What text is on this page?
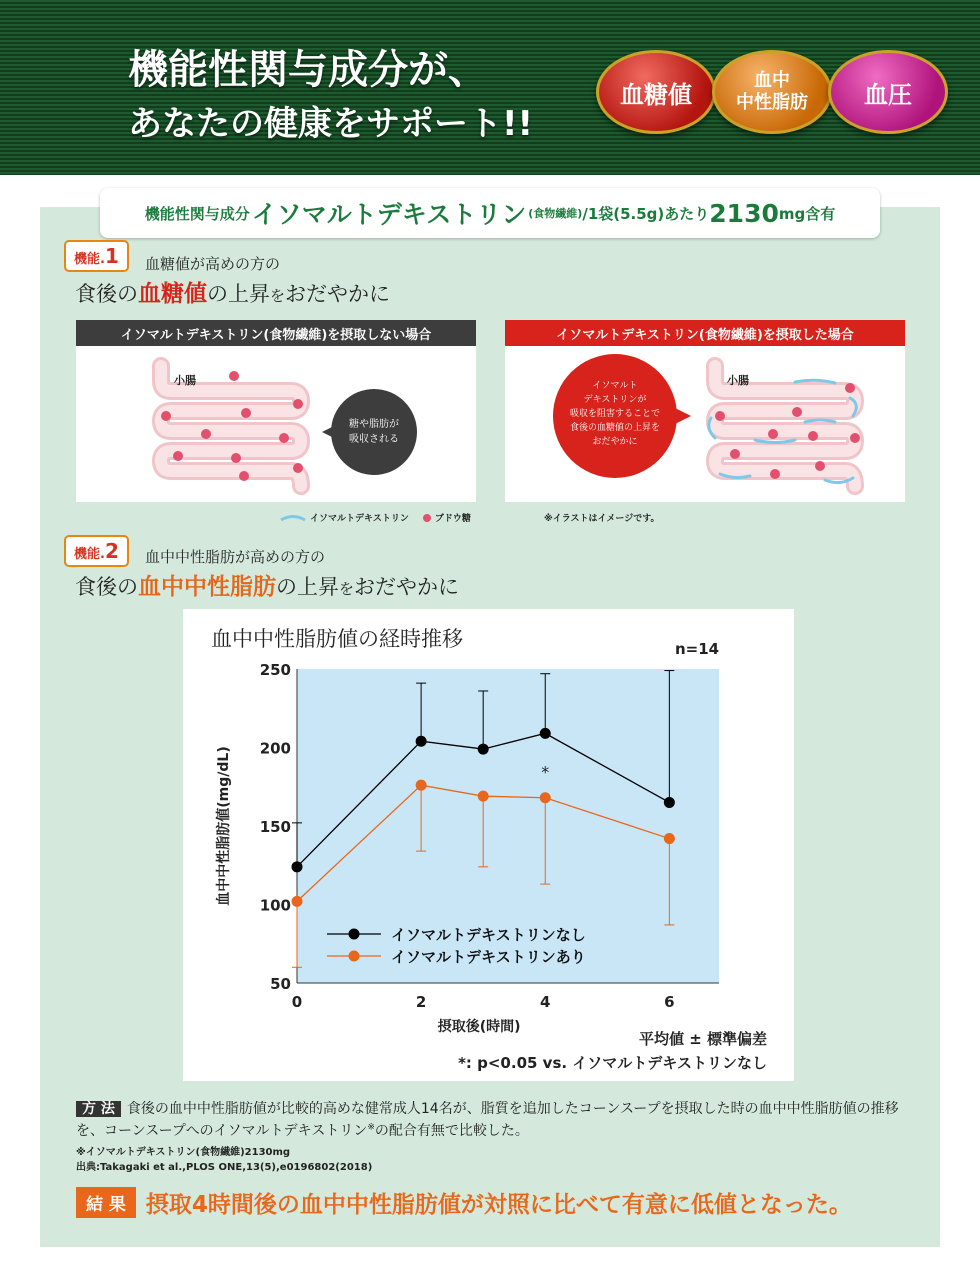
機能性関与成分が、
あなたの健康をサポート!!
血糖値
血中
中性脂肪 血圧
機能性関与成分 イソマルトデキストリン (食物繊維) /1袋(5.5g)あたり 2130 mg含有
機能.1	血糖値が高めの方の
食後の血糖値の上昇をおだやかに
イソマルトデキストリン(食物繊維)を摂取しない場合
小腸
糖や脂肪が
吸収される
イソマルトデキストリン(食物繊維)を摂取した場合
イソマルト
デキストリンが
吸収を阻害することで
食後の血糖値の上昇を
おだやかに
小腸
イソマルトデキストリン	ブドウ糖	※イラストはイメージです。
機能.2	血中中性脂肪が高めの方の
食後の血中中性脂肪の上昇をおだやかに
血中中性脂肪値の経時推移	n=14
50
100
150
200
250
0	2	4	6
血中中性脂肪値(mg/dL)
摂取後(時間)
イソマルトデキストリンなし
イソマルトデキストリンあり
*
平均値 ± 標準偏差
*: p<0.05 vs. イソマルトデキストリンなし
方 法 食後の血中中性脂肪値が比較的高めな健常成人14名が、脂質を追加したコーンスープを摂取した時の血中中性脂肪値の推移を、コーンスープへのイソマルトデキストリン※の配合有無で比較した。
※イソマルトデキストリン(食物繊維)2130mg
出典:Takagaki et al.,PLOS ONE,13(5),e0196802(2018)
結 果 摂取4時間後の血中中性脂肪値が対照に比べて有意に低値となった。
